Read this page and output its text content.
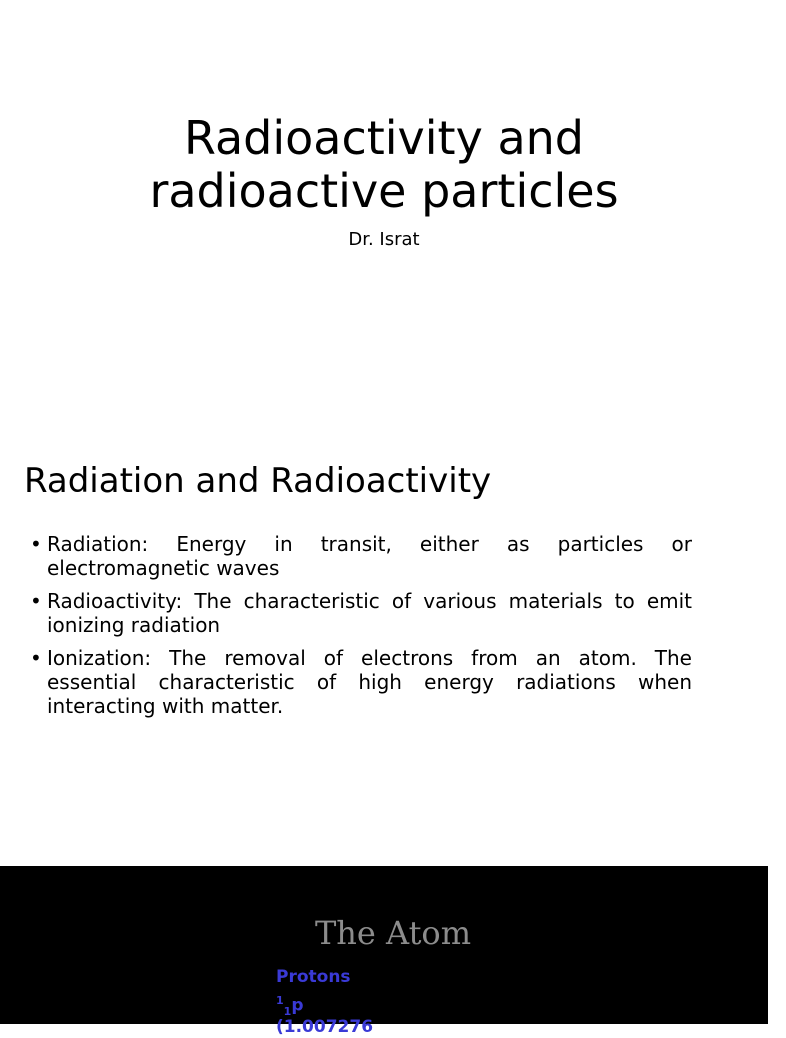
Radioactivity and
radioactive particles
Dr. Israt
Radiation and Radioactivity
• Radiation: Energy in transit, either as particles or electromagnetic waves
• Radioactivity: The characteristic of various materials to emit ionizing radiation
• Ionization: The removal of electrons from an atom. The essential characteristic of high energy radiations when interacting with matter.
The Atom
Protons
$^1_1$p
(1.007276
